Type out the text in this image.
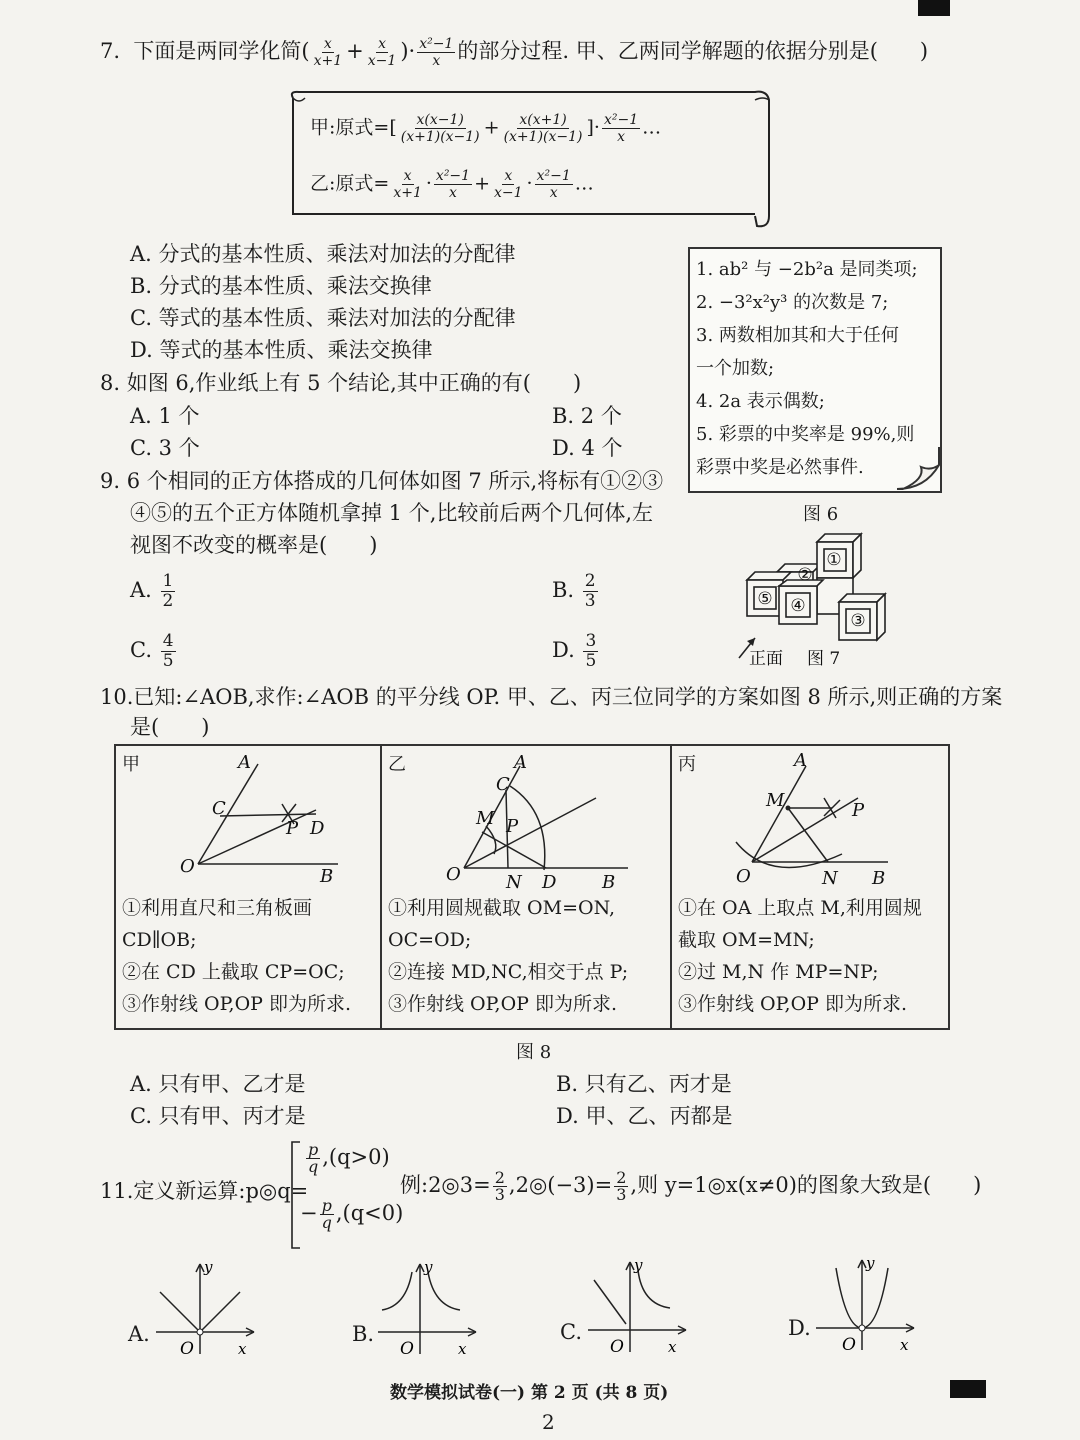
7. 下面是两同学化简( $\frac{x}{x+1} + \frac{x}{x-1}$ )· $\frac{\text{x²−1}}{x}$ 的部分过程. 甲、乙两同学解题的依据分别是(　　)
甲:原式=[ $\frac{x(x-1)}{(x+1)(x-1)} + \frac{x(x+1)}{(x+1)(x-1)}$ ]· $\frac{\text{x²−1}}{x}$ …
乙:原式= $\frac{x}{x+1} \cdot \frac{\text{x²−1}}{x} + \frac{x}{x-1} \cdot \frac{\text{x²−1}}{x}$ …
A. 分式的基本性质、乘法对加法的分配律
B. 分式的基本性质、乘法交换律
C. 等式的基本性质、乘法对加法的分配律
D. 等式的基本性质、乘法交换律
1. ab² 与 −2b²a 是同类项;
2. −3²x²y³ 的次数是 7;
3. 两数相加其和大于任何
一个加数;
4. 2a 表示偶数;
5. 彩票的中奖率是 99%,则
彩票中奖是必然事件.
图 6
8. 如图 6,作业纸上有 5 个结论,其中正确的有(　　)
A. 1 个	B. 2 个
C. 3 个	D. 4 个
9. 6 个相同的正方体搭成的几何体如图 7 所示,将标有①②③
④⑤的五个正方体随机拿掉 1 个,比较前后两个几何体,左
视图不改变的概率是(　　)
A. $\frac{1}{2}$	B. $\frac{2}{3}$
C. $\frac{4}{5}$	D. $\frac{3}{5}$
①
②
③
④
⑤
正面 图 7
10.已知:∠AOB,求作:∠AOB 的平分线 OP. 甲、乙、丙三位同学的方案如图 8 所示,则正确的方案
是(　　)
甲	A
C
P D
O	B
①利用直尺和三角板画
CD∥OB;
②在 CD 上截取 CP=OC;
③作射线 OP,OP 即为所求.
乙	A
C
M P
O	N D	B
①利用圆规截取 OM=ON,
OC=OD;
②连接 MD,NC,相交于点 P;
③作射线 OP,OP 即为所求.
丙	A
M	P
O	N B
①在 OA 上取点 M,利用圆规
截取 OM=MN;
②过 M,N 作 MP=NP;
③作射线 OP,OP 即为所求.
图 8
A. 只有甲、乙才是	B. 只有乙、丙才是
C. 只有甲、丙才是	D. 甲、乙、丙都是
11.定义新运算:p◎q=
$\frac{p}{q} ,(q>0)$
− $\frac{p}{q} ,(q<0)$
例:2◎3= $\frac{2}{3}$ ,2◎(−3)= $\frac{2}{3}$ ,则 y=1◎x(x≠0)的图象大致是(　　)
A.
y
x
O
B.
y
x
O
C.
y
x
O
D.
y
x
O
数学模拟试卷(一) 第 2 页 (共 8 页)
2
